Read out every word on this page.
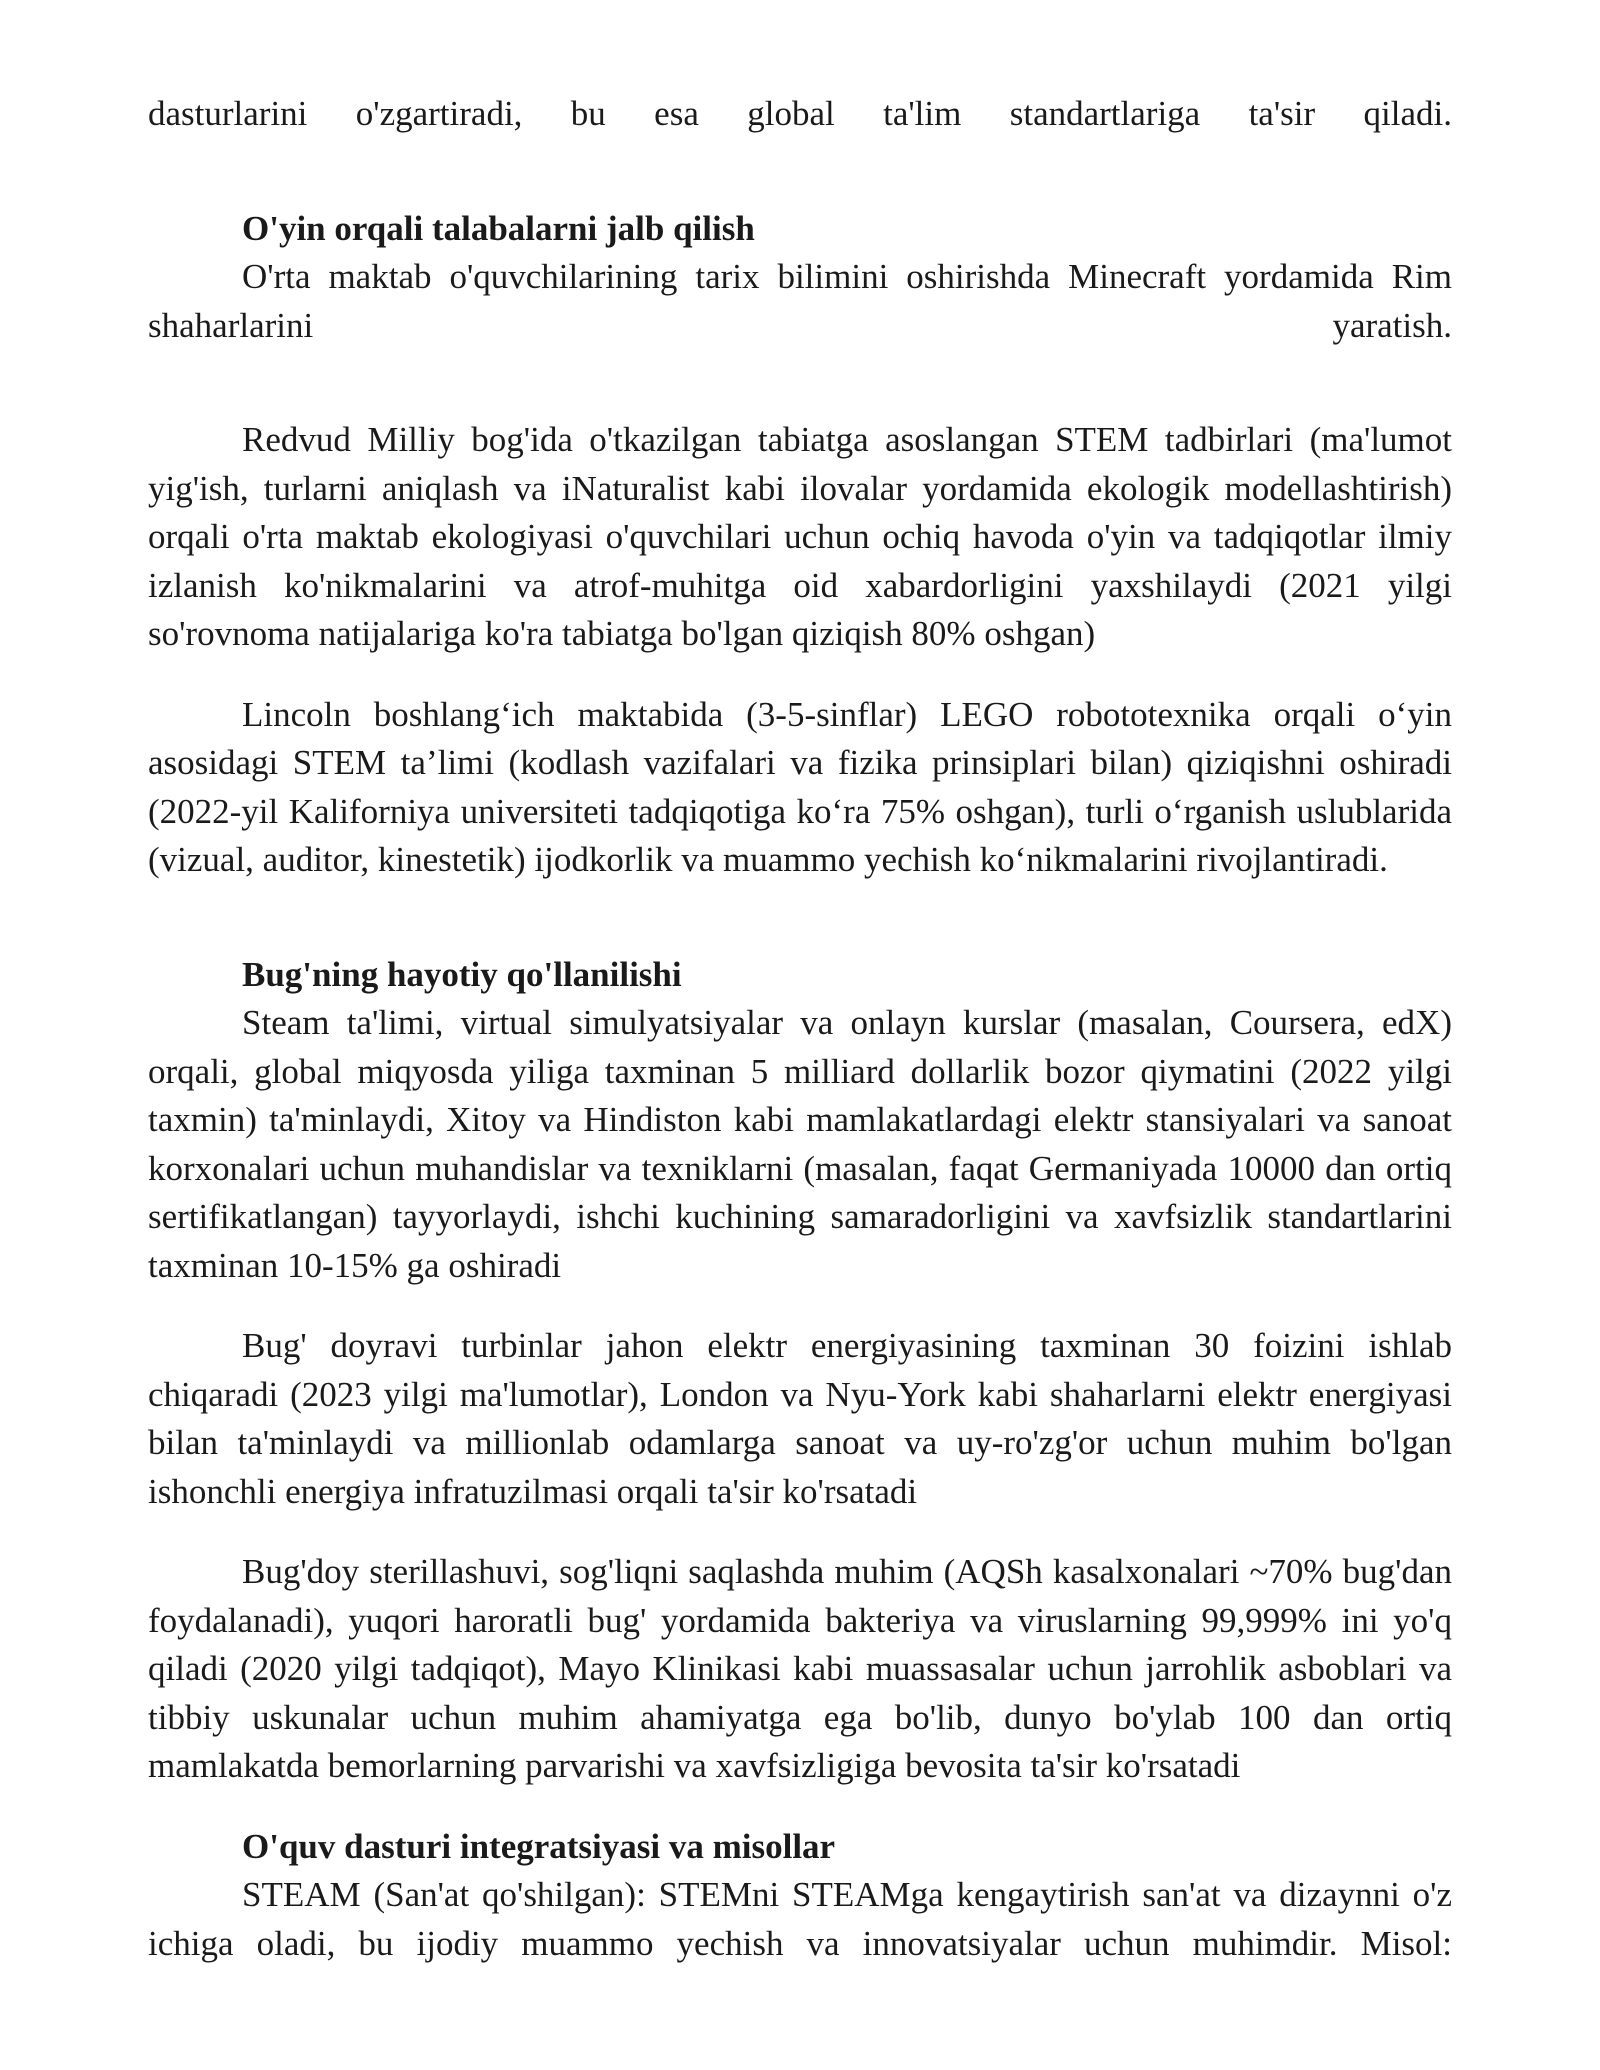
dasturlarini o'zgartiradi, bu esa global ta'lim standartlariga ta'sir qiladi.

O'yin orqali talabalarni jalb qilish

O'rta maktab o'quvchilarining tarix bilimini oshirishda Minecraft yordamida Rim shaharlarini yaratish.

Redvud Milliy bog'ida o'tkazilgan tabiatga asoslangan STEM tadbirlari (ma'lumot yig'ish, turlarni aniqlash va iNaturalist kabi ilovalar yordamida ekologik modellashtirish) orqali o'rta maktab ekologiyasi o'quvchilari uchun ochiq havoda o'yin va tadqiqotlar ilmiy izlanish ko'nikmalarini va atrof-muhitga oid xabardorligini yaxshilaydi (2021 yilgi so'rovnoma natijalariga ko'ra tabiatga bo'lgan qiziqish 80% oshgan)

Lincoln boshlang‘ich maktabida (3-5-sinflar) LEGO robototexnika orqali o‘yin asosidagi STEM ta’limi (kodlash vazifalari va fizika prinsiplari bilan) qiziqishni oshiradi (2022-yil Kaliforniya universiteti tadqiqotiga ko‘ra 75% oshgan), turli o‘rganish uslublarida (vizual, auditor, kinestetik) ijodkorlik va muammo yechish ko‘nikmalarini rivojlantiradi.

Bug'ning hayotiy qo'llanilishi

Steam ta'limi, virtual simulyatsiyalar va onlayn kurslar (masalan, Coursera, edX) orqali, global miqyosda yiliga taxminan 5 milliard dollarlik bozor qiymatini (2022 yilgi taxmin) ta'minlaydi, Xitoy va Hindiston kabi mamlakatlardagi elektr stansiyalari va sanoat korxonalari uchun muhandislar va texniklarni (masalan, faqat Germaniyada 10000 dan ortiq sertifikatlangan) tayyorlaydi, ishchi kuchining samaradorligini va xavfsizlik standartlarini taxminan 10-15% ga oshiradi

Bug' doyravi turbinlar jahon elektr energiyasining taxminan 30 foizini ishlab chiqaradi (2023 yilgi ma'lumotlar), London va Nyu-York kabi shaharlarni elektr energiyasi bilan ta'minlaydi va millionlab odamlarga sanoat va uy-ro'zg'or uchun muhim bo'lgan ishonchli energiya infratuzilmasi orqali ta'sir ko'rsatadi

Bug'doy sterillashuvi, sog'liqni saqlashda muhim (AQSh kasalxonalari ~70% bug'dan foydalanadi), yuqori haroratli bug' yordamida bakteriya va viruslarning 99,999% ini yo'q qiladi (2020 yilgi tadqiqot), Mayo Klinikasi kabi muassasalar uchun jarrohlik asboblari va tibbiy uskunalar uchun muhim ahamiyatga ega bo'lib, dunyo bo'ylab 100 dan ortiq mamlakatda bemorlarning parvarishi va xavfsizligiga bevosita ta'sir ko'rsatadi

O'quv dasturi integratsiyasi va misollar

STEAM (San'at qo'shilgan): STEMni STEAMga kengaytirish san'at va dizaynni o'z ichiga oladi, bu ijodiy muammo yechish va innovatsiyalar uchun muhimdir. Misol:
